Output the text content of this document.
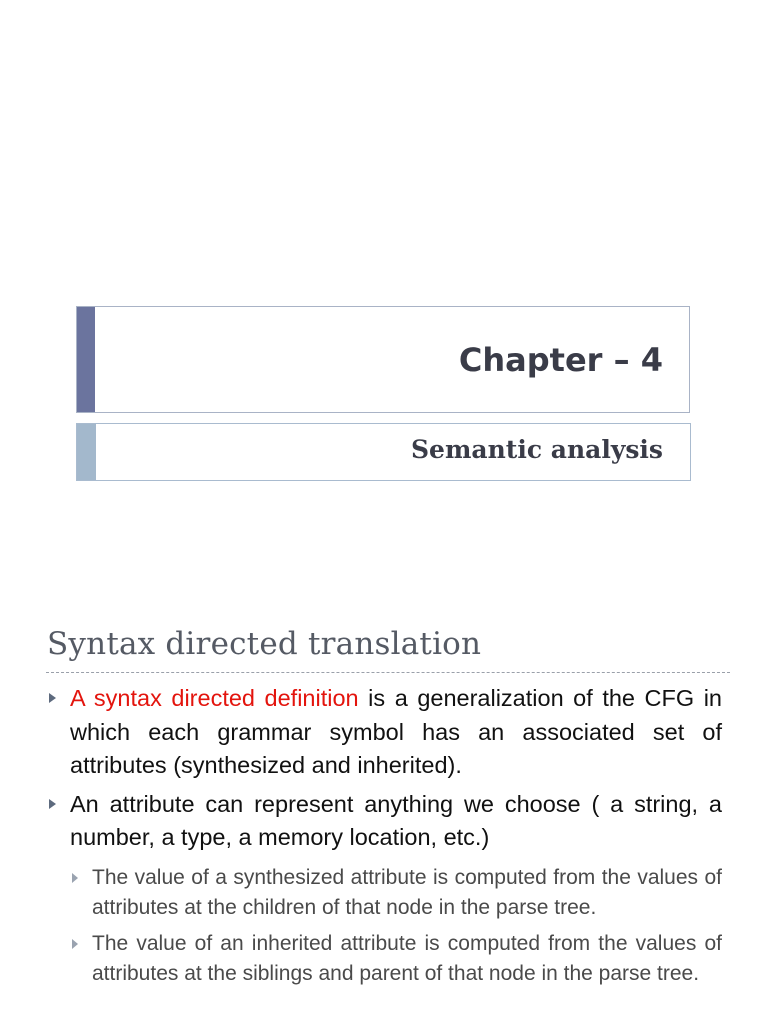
Chapter – 4
Semantic analysis
Syntax directed translation
A syntax directed definition is a generalization of the CFG in which each grammar symbol has an associated set of attributes (synthesized and inherited).
An attribute can represent anything we choose ( a string, a number, a type, a memory location, etc.)
The value of a synthesized attribute is computed from the values of attributes at the children of that node in the parse tree.
The value of an inherited attribute is computed from the values of attributes at the siblings and parent of that node in the parse tree.
